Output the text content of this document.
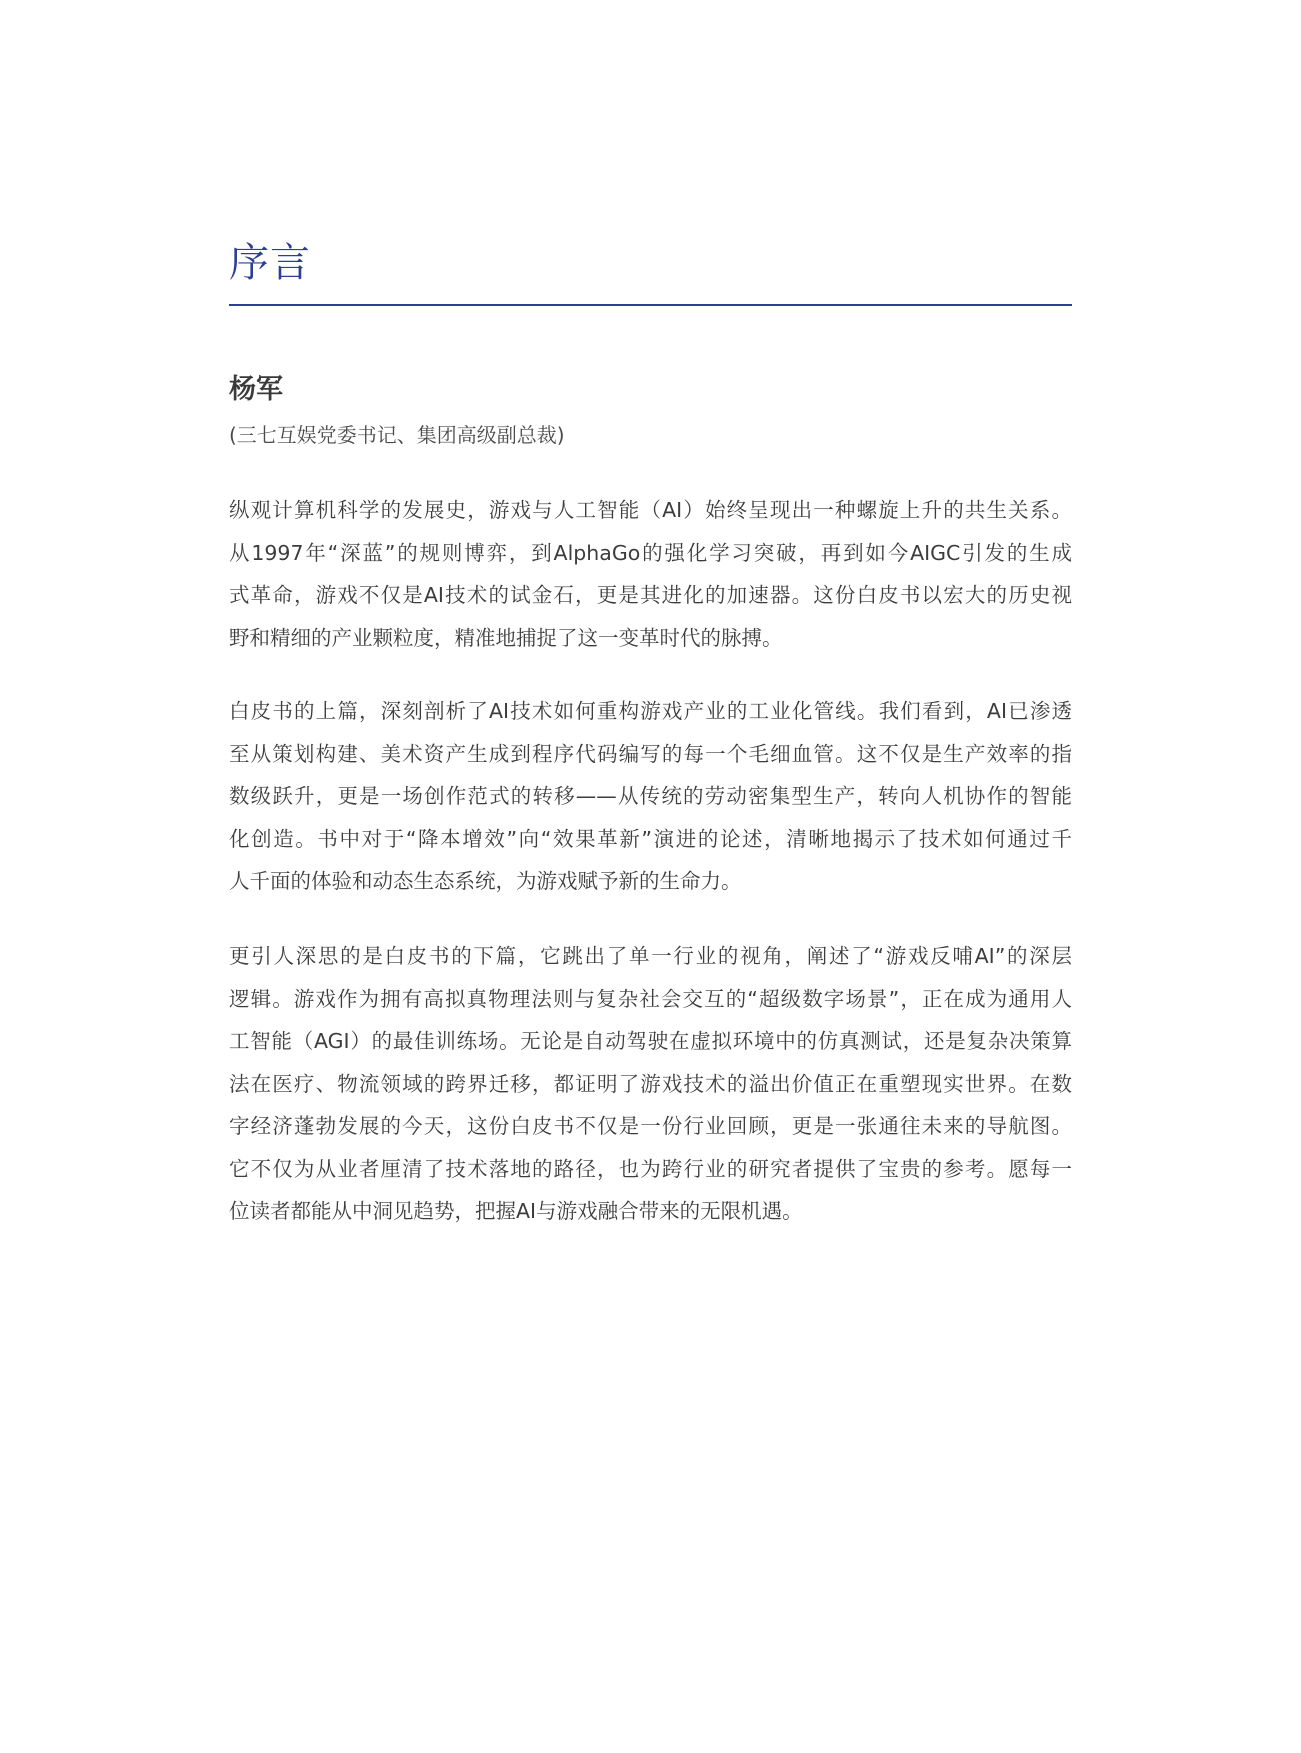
序言
杨军
(三七互娱党委书记、集团高级副总裁)
纵观计算机科学的发展史，游戏与人工智能（AI）始终呈现出一种螺旋上升的共生关系。
从1997年“深蓝”的规则博弈，到AlphaGo的强化学习突破，再到如今AIGC引发的生成
式革命，游戏不仅是AI技术的试金石，更是其进化的加速器。这份白皮书以宏大的历史视
野和精细的产业颗粒度，精准地捕捉了这一变革时代的脉搏。
白皮书的上篇，深刻剖析了AI技术如何重构游戏产业的工业化管线。我们看到，AI已渗透
至从策划构建、美术资产生成到程序代码编写的每一个毛细血管。这不仅是生产效率的指
数级跃升，更是一场创作范式的转移——从传统的劳动密集型生产，转向人机协作的智能
化创造。书中对于“降本增效”向“效果革新”演进的论述，清晰地揭示了技术如何通过千
人千面的体验和动态生态系统，为游戏赋予新的生命力。
更引人深思的是白皮书的下篇，它跳出了单一行业的视角，阐述了“游戏反哺AI”的深层
逻辑。游戏作为拥有高拟真物理法则与复杂社会交互的“超级数字场景”，正在成为通用人
工智能（AGI）的最佳训练场。无论是自动驾驶在虚拟环境中的仿真测试，还是复杂决策算
法在医疗、物流领域的跨界迁移，都证明了游戏技术的溢出价值正在重塑现实世界。在数
字经济蓬勃发展的今天，这份白皮书不仅是一份行业回顾，更是一张通往未来的导航图。
它不仅为从业者厘清了技术落地的路径，也为跨行业的研究者提供了宝贵的参考。愿每一
位读者都能从中洞见趋势，把握AI与游戏融合带来的无限机遇。
